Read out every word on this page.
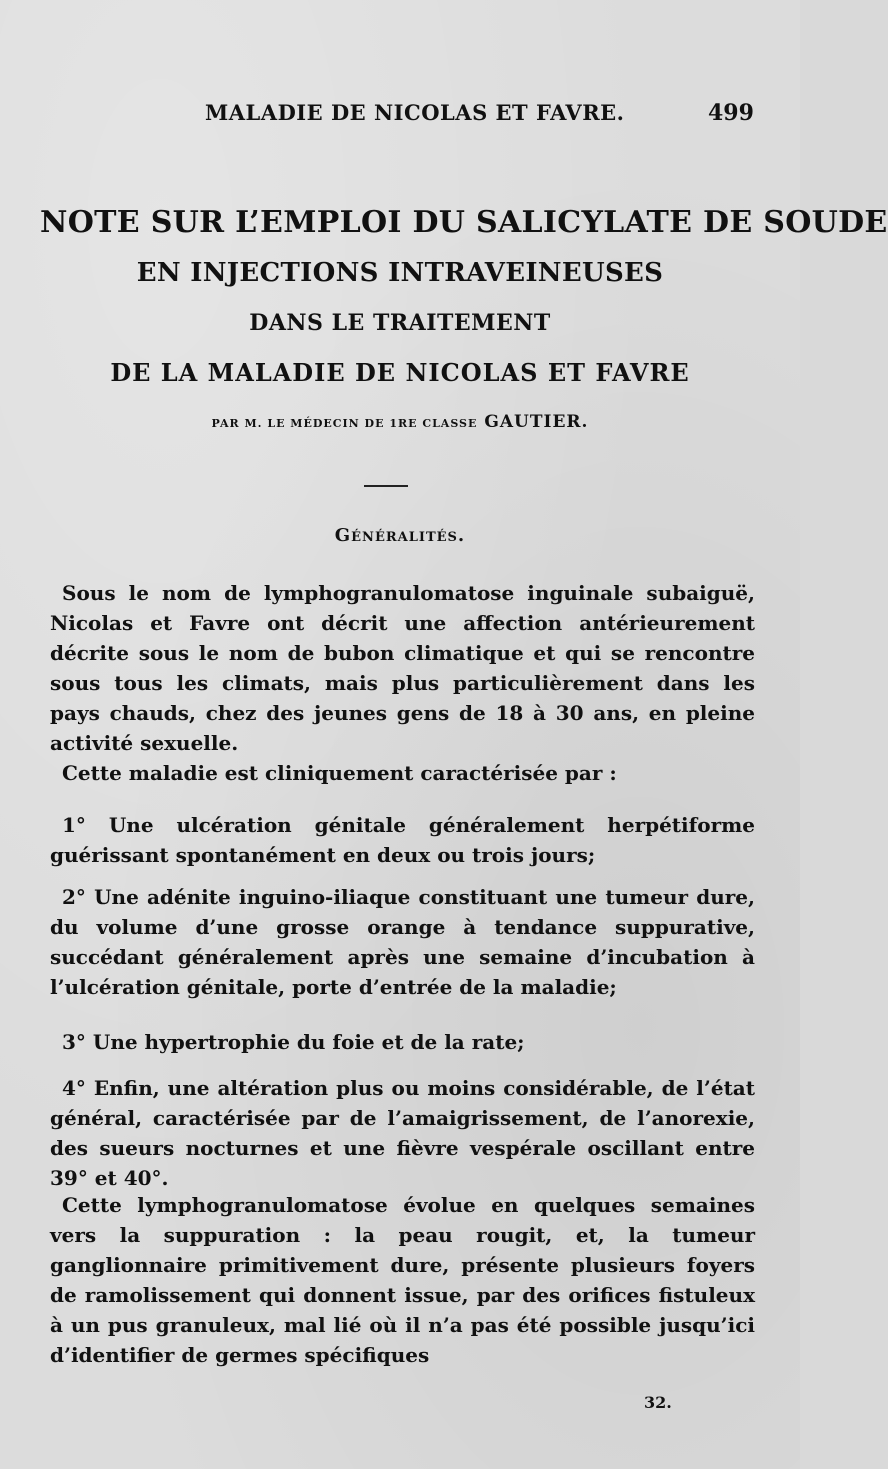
MALADIE DE NICOLAS ET FAVRE.	499
NOTE SUR L’EMPLOI DU SALICYLATE DE SOUDE
EN INJECTIONS INTRAVEINEUSES
DANS LE TRAITEMENT
DE LA MALADIE DE NICOLAS ET FAVRE
PAR M. LE MÉDECIN DE 1RE CLASSE GAUTIER.
Généralités.

Sous le nom de lymphogranulomatose inguinale subaiguë, Nicolas et Favre ont décrit une affection antérieurement décrite sous le nom de bubon climatique et qui se rencontre sous tous les climats, mais plus particulièrement dans les pays chauds, chez des jeunes gens de 18 à 30 ans, en pleine activité sexuelle.

Cette maladie est cliniquement caractérisée par :

1° Une ulcération génitale généralement herpétiforme guérissant spontanément en deux ou trois jours;

2° Une adénite inguino-iliaque constituant une tumeur dure, du volume d’une grosse orange à tendance suppurative, succédant généralement après une semaine d’incubation à l’ulcération génitale, porte d’entrée de la maladie;

3° Une hypertrophie du foie et de la rate;

4° Enfin, une altération plus ou moins considérable, de l’état général, caractérisée par de l’amaigrissement, de l’anorexie, des sueurs nocturnes et une fièvre vespérale oscillant entre 39° et 40°.

Cette lymphogranulomatose évolue en quelques semaines vers la suppuration : la peau rougit, et, la tumeur ganglionnaire primitivement dure, présente plusieurs foyers de ramolissement qui donnent issue, par des orifices fistuleux à un pus granuleux, mal lié où il n’a pas été possible jusqu’ici d’identifier de germes spécifiques

32.
